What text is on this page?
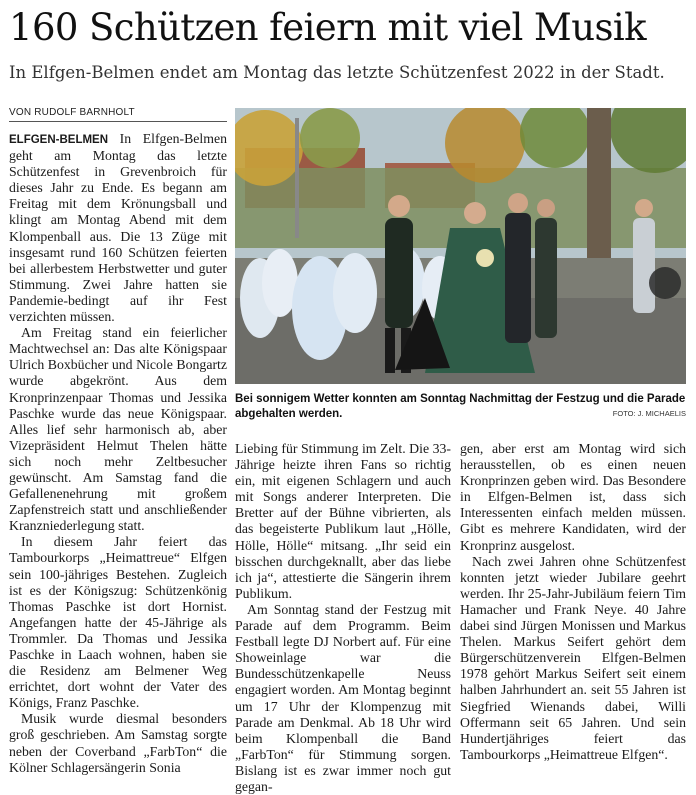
160 Schützen feiern mit viel Musik

In Elfgen-Belmen endet am Montag das letzte Schützenfest 2022 in der Stadt.

VON RUDOLF BARNHOLT

ELFGEN-BELMEN In Elfgen-Belmen geht am Montag das letzte Schützenfest in Grevenbroich für dieses Jahr zu Ende. Es begann am Freitag mit dem Krönungsball und klingt am Montag Abend mit dem Klompenball aus. Die 13 Züge mit insgesamt rund 160 Schützen feierten bei allerbestem Herbstwetter und guter Stimmung. Zwei Jahre hatten sie Pandemie-bedingt auf ihr Fest verzichten müssen.

Am Freitag stand ein feierlicher Machtwechsel an: Das alte Königspaar Ulrich Boxbücher und Nicole Bongartz wurde abgekrönt. Aus dem Kronprinzenpaar Thomas und Jessika Paschke wurde das neue Königspaar. Alles lief sehr harmonisch ab, aber Vizepräsident Helmut Thelen hätte sich noch mehr Zeltbesucher gewünscht. Am Samstag fand die Gefallenenehrung mit großem Zapfenstreich statt und anschließender Kranzniederlegung statt.

In diesem Jahr feiert das Tambourkorps „Heimattreue“ Elfgen sein 100-jähriges Bestehen. Zugleich ist es der Königszug: Schützenkönig Thomas Paschke ist dort Hornist. Angefangen hatte der 45-Jährige als Trommler. Da Thomas und Jessika Paschke in Laach wohnen, haben sie die Residenz am Belmener Weg errichtet, dort wohnt der Vater des Königs, Franz Paschke.

Musik wurde diesmal besonders groß geschrieben. Am Samstag sorgte neben der Coverband „FarbTon“ die Kölner Schlagersängerin Sonia

Bei sonnigem Wetter konnten am Sonntag Nachmittag der Festzug und die Parade abgehalten werden.	FOTO: J. MICHAELIS

Liebing für Stimmung im Zelt. Die 33-Jährige heizte ihren Fans so richtig ein, mit eigenen Schlagern und auch mit Songs anderer Interpreten. Die Bretter auf der Bühne vibrierten, als das begeisterte Publikum laut „Hölle, Hölle, Hölle“ mitsang. „Ihr seid ein bisschen durchgeknallt, aber das liebe ich ja“, attestierte die Sängerin ihrem Publikum.

Am Sonntag stand der Festzug mit Parade auf dem Programm. Beim Festball legte DJ Norbert auf. Für eine Showeinlage war die Bundesschützenkapelle Neuss engagiert worden. Am Montag beginnt um 17 Uhr der Klompenzug mit Parade am Denkmal. Ab 18 Uhr wird beim Klompenball die Band „FarbTon“ für Stimmung sorgen. Bislang ist es zwar immer noch gut gegan-

gen, aber erst am Montag wird sich herausstellen, ob es einen neuen Kronprinzen geben wird. Das Besondere in Elfgen-Belmen ist, dass sich Interessenten einfach melden müssen. Gibt es mehrere Kandidaten, wird der Kronprinz ausgelost.

Nach zwei Jahren ohne Schützenfest konnten jetzt wieder Jubilare geehrt werden. Ihr 25-Jahr-Jubiläum feiern Tim Hamacher und Frank Neye. 40 Jahre dabei sind Jürgen Monissen und Markus Thelen. Markus Seifert gehört dem Bürgerschützenverein Elfgen-Belmen 1978 gehört Markus Seifert seit einem halben Jahrhundert an. seit 55 Jahren ist Siegfried Wienands dabei, Willi Offermann seit 65 Jahren. Und sein Hundertjähriges feiert das Tambourkorps „Heimattreue Elfgen“.
